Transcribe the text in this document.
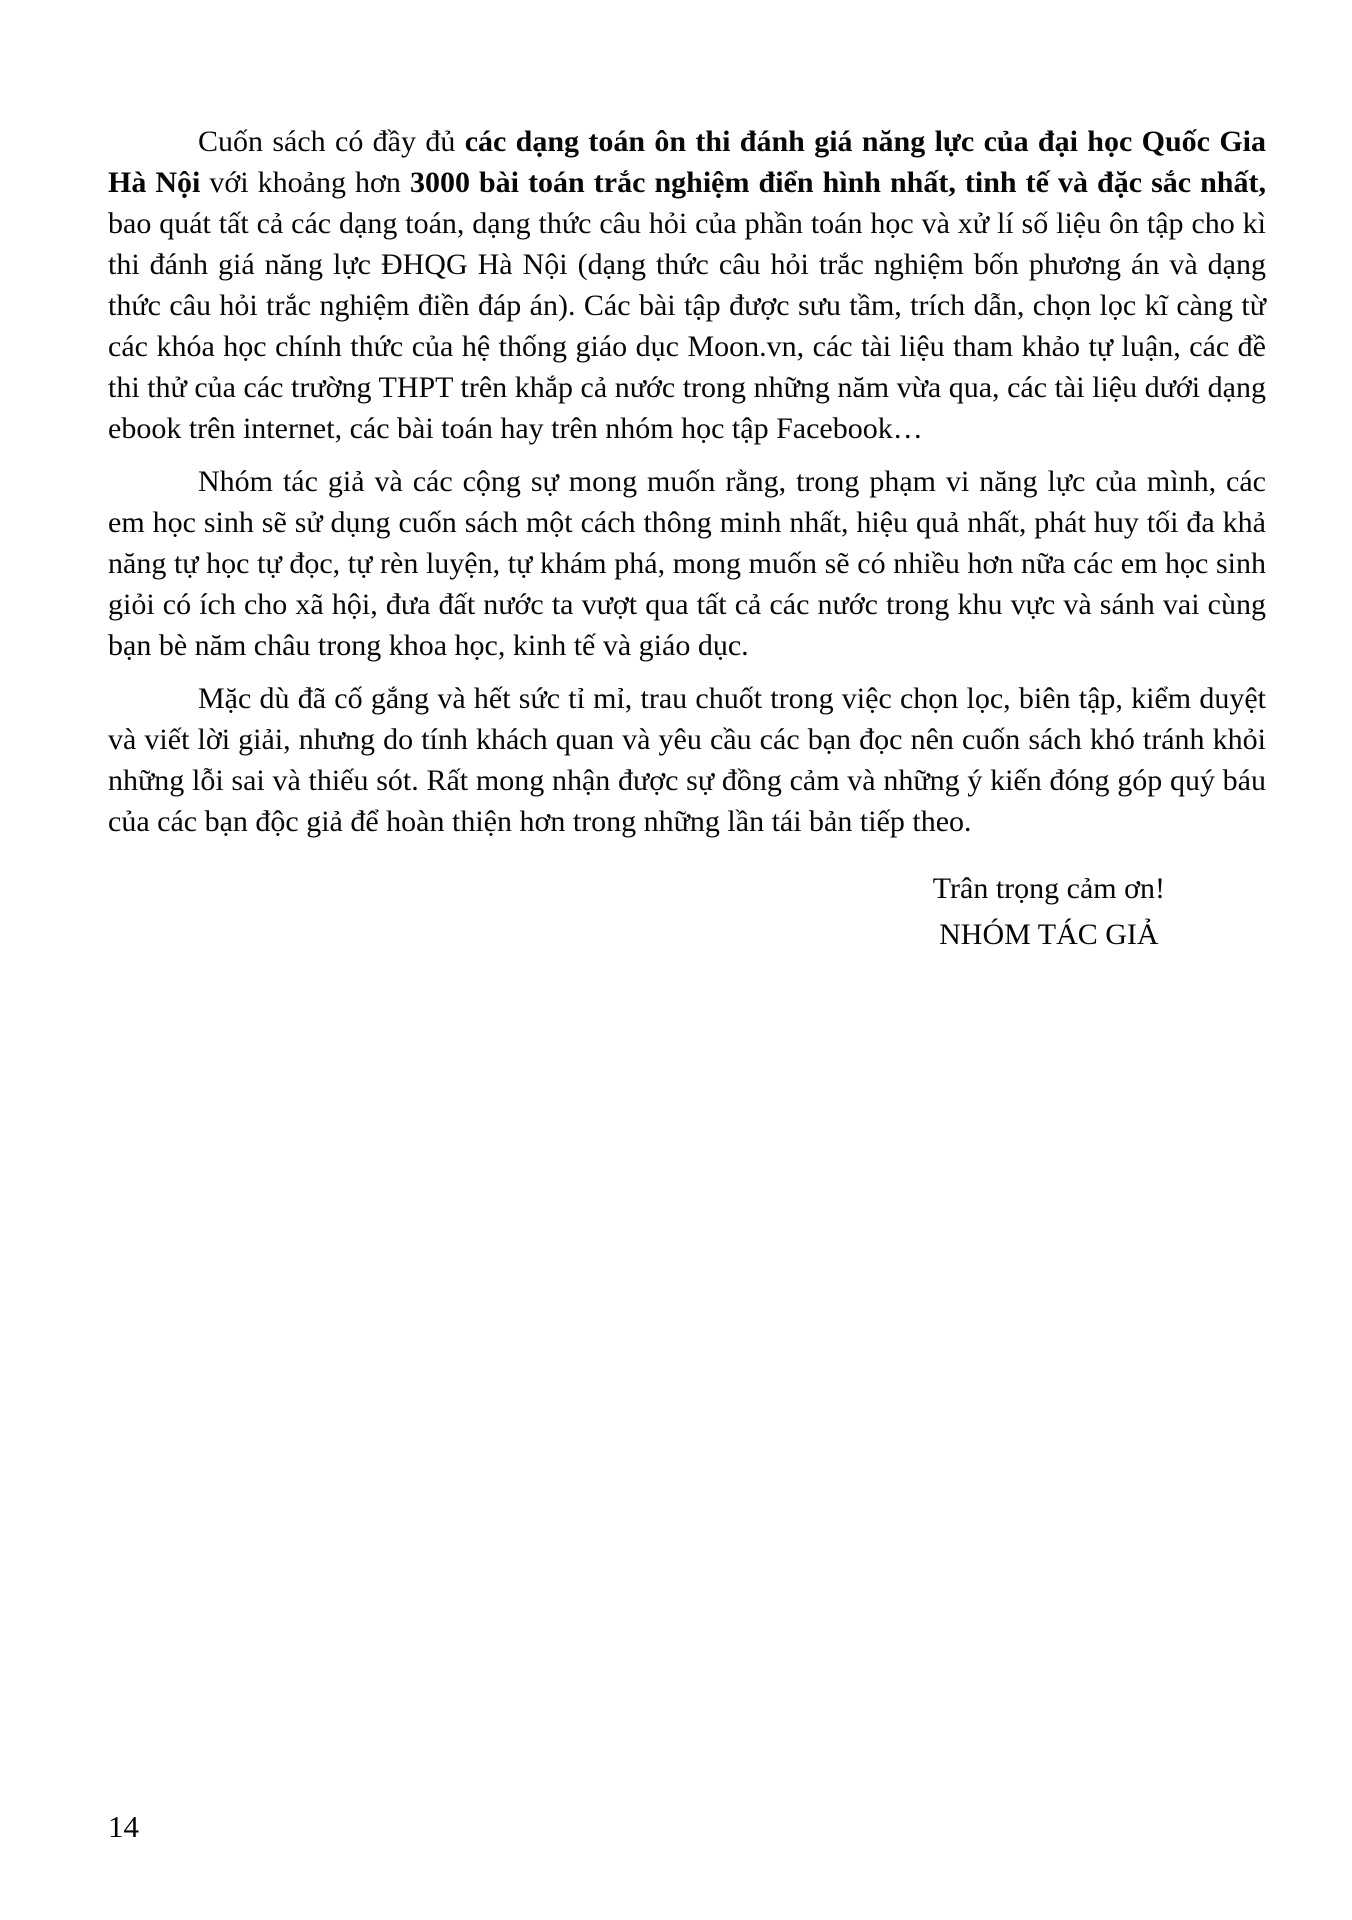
Cuốn sách có đầy đủ các dạng toán ôn thi đánh giá năng lực của đại học Quốc Gia Hà Nội với khoảng hơn 3000 bài toán trắc nghiệm điển hình nhất, tinh tế và đặc sắc nhất, bao quát tất cả các dạng toán, dạng thức câu hỏi của phần toán học và xử lí số liệu ôn tập cho kì thi đánh giá năng lực ĐHQG Hà Nội (dạng thức câu hỏi trắc nghiệm bốn phương án và dạng thức câu hỏi trắc nghiệm điền đáp án). Các bài tập được sưu tầm, trích dẫn, chọn lọc kĩ càng từ các khóa học chính thức của hệ thống giáo dục Moon.vn, các tài liệu tham khảo tự luận, các đề thi thử của các trường THPT trên khắp cả nước trong những năm vừa qua, các tài liệu dưới dạng ebook trên internet, các bài toán hay trên nhóm học tập Facebook…

Nhóm tác giả và các cộng sự mong muốn rằng, trong phạm vi năng lực của mình, các em học sinh sẽ sử dụng cuốn sách một cách thông minh nhất, hiệu quả nhất, phát huy tối đa khả năng tự học tự đọc, tự rèn luyện, tự khám phá, mong muốn sẽ có nhiều hơn nữa các em học sinh giỏi có ích cho xã hội, đưa đất nước ta vượt qua tất cả các nước trong khu vực và sánh vai cùng bạn bè năm châu trong khoa học, kinh tế và giáo dục.

Mặc dù đã cố gắng và hết sức tỉ mỉ, trau chuốt trong việc chọn lọc, biên tập, kiểm duyệt và viết lời giải, nhưng do tính khách quan và yêu cầu các bạn đọc nên cuốn sách khó tránh khỏi những lỗi sai và thiếu sót. Rất mong nhận được sự đồng cảm và những ý kiến đóng góp quý báu của các bạn độc giả để hoàn thiện hơn trong những lần tái bản tiếp theo.

Trân trọng cảm ơn!
NHÓM TÁC GIẢ
14
